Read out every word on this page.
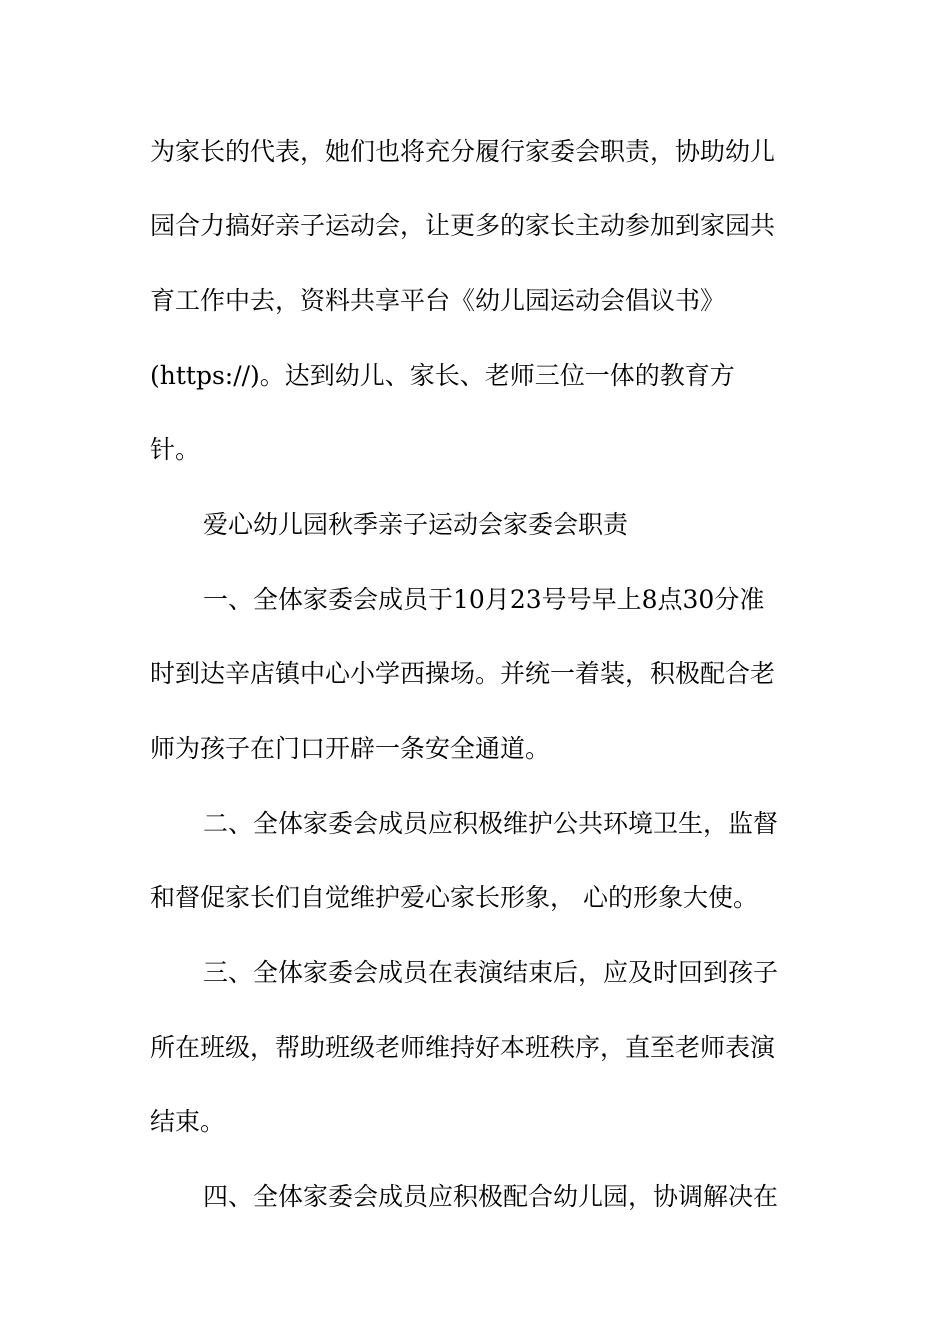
为家长的代表，她们也将充分履行家委会职责，协助幼儿
园合力搞好亲子运动会，让更多的家长主动参加到家园共
育工作中去，资料共享平台《幼儿园运动会倡议书》
(https://)。达到幼儿、家长、老师三位一体的教育方
针。
爱心幼儿园秋季亲子运动会家委会职责
一、全体家委会成员于10月23号号早上8点30分准
时到达辛店镇中心小学西操场。并统一着装，积极配合老
师为孩子在门口开辟一条安全通道。
二、全体家委会成员应积极维护公共环境卫生，监督
和督促家长们自觉维护爱心家长形象， 心的形象大使。
三、全体家委会成员在表演结束后，应及时回到孩子
所在班级，帮助班级老师维持好本班秩序，直至老师表演
结束。
四、全体家委会成员应积极配合幼儿园，协调解决在
